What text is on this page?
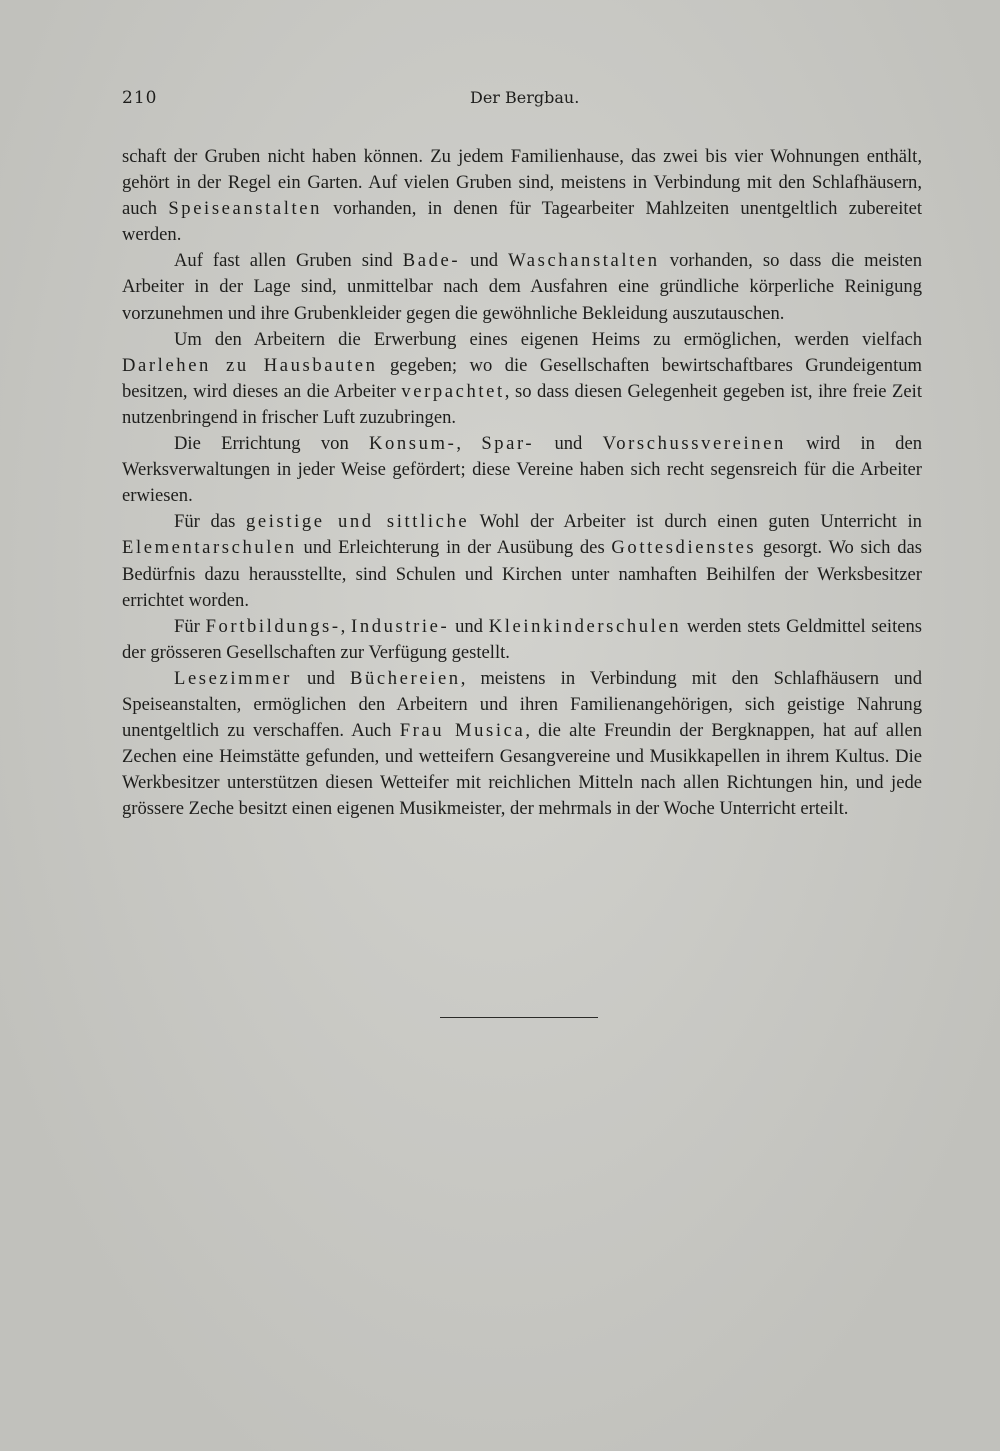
210	Der Bergbau.

schaft der Gruben nicht haben können. Zu jedem Familienhause, das zwei bis vier Wohnungen enthält, gehört in der Regel ein Garten. Auf vielen Gruben sind, meistens in Verbindung mit den Schlafhäusern, auch Speiseanstalten vorhanden, in denen für Tagearbeiter Mahlzeiten unentgeltlich zubereitet werden.

Auf fast allen Gruben sind Bade- und Waschanstalten vorhanden, so dass die meisten Arbeiter in der Lage sind, unmittelbar nach dem Ausfahren eine gründliche körperliche Reinigung vorzunehmen und ihre Grubenkleider gegen die gewöhnliche Bekleidung auszutauschen.

Um den Arbeitern die Erwerbung eines eigenen Heims zu ermöglichen, werden vielfach Darlehen zu Hausbauten gegeben; wo die Gesellschaften bewirtschaftbares Grundeigentum besitzen, wird dieses an die Arbeiter verpachtet, so dass diesen Gelegenheit gegeben ist, ihre freie Zeit nutzenbringend in frischer Luft zuzubringen.

Die Errichtung von Konsum-, Spar- und Vorschussvereinen wird in den Werksverwaltungen in jeder Weise gefördert; diese Vereine haben sich recht segensreich für die Arbeiter erwiesen.

Für das geistige und sittliche Wohl der Arbeiter ist durch einen guten Unterricht in Elementarschulen und Erleichterung in der Ausübung des Gottesdienstes gesorgt. Wo sich das Bedürfnis dazu herausstellte, sind Schulen und Kirchen unter namhaften Beihilfen der Werksbesitzer errichtet worden.

Für Fortbildungs-, Industrie- und Kleinkinderschulen werden stets Geldmittel seitens der grösseren Gesellschaften zur Verfügung gestellt.

Lesezimmer und Büchereien, meistens in Verbindung mit den Schlafhäusern und Speiseanstalten, ermöglichen den Arbeitern und ihren Familienangehörigen, sich geistige Nahrung unentgeltlich zu verschaffen. Auch Frau Musica, die alte Freundin der Bergknappen, hat auf allen Zechen eine Heimstätte gefunden, und wetteifern Gesangvereine und Musikkapellen in ihrem Kultus. Die Werkbesitzer unterstützen diesen Wetteifer mit reichlichen Mitteln nach allen Richtungen hin, und jede grössere Zeche besitzt einen eigenen Musikmeister, der mehrmals in der Woche Unterricht erteilt.
